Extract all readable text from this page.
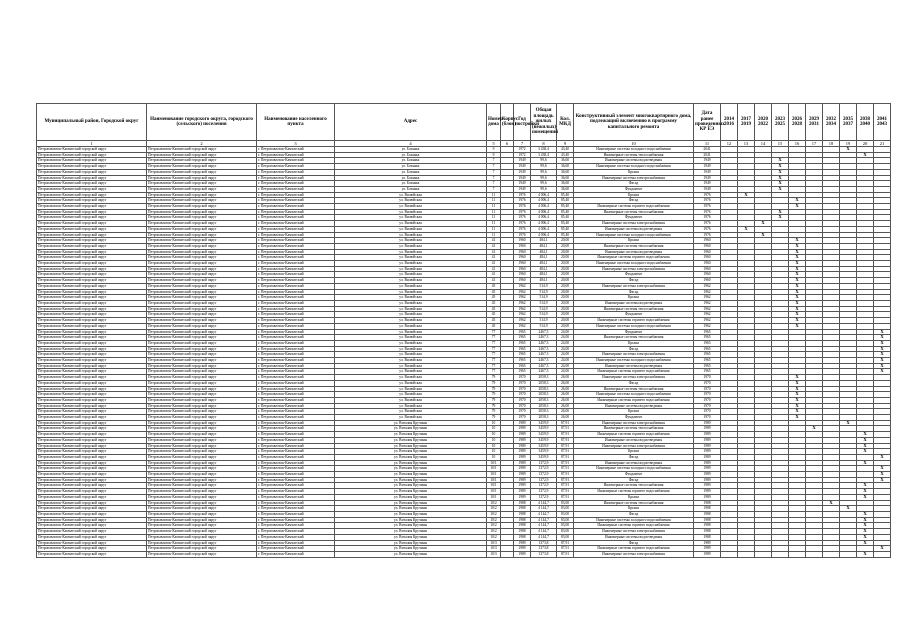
Муниципальный район, Городской округ	Наименование городского округа, городского (сельского) поселения	Наименование населенного пункта	Адрес	Номер дома	Корпус (блок)	Год постройки	Общая площадь жилых (нежилых) помещений	Кол. МКД	Конструктивный элемент многоквартирного дома, подлежащий включению в программу капитального ремонта	Дата ранее проведенных КР ЕЭ	2014 2016	2017 2019	2020 2022	2023 2025	2026 2028	2029 2031	2032 2034	2035 2037	2038 2040	2041 2043
1	2	3	4	5	6	7	8	9	10	11	12	13	14	15	16	17	18	19	20	21
Петропавловск-Камчатский городской округ	Петропавловск-Камчатский городской округ	г. Петропавловск-Камчатский	ул. Бохняка	9		1972	3 438,4	43,40	Инженерные системы холодного водоснабжения	2041								X		
Петропавловск-Камчатский городской округ	Петропавловск-Камчатский городской округ	г. Петропавловск-Камчатский	ул. Бохняка	9		1972	3 438,4	43,40	Инженерные системы теплоснабжения	2041									X	
Петропавловск-Камчатский городской округ	Петропавловск-Камчатский городской округ	г. Петропавловск-Камчатский	ул. Бохняка	7		1949	99,6	36,60	Инженерные системы водоотведения	1949				X						
Петропавловск-Камчатский городской округ	Петропавловск-Камчатский городской округ	г. Петропавловск-Камчатский	ул. Бохняка	7		1949	99,6	36,60	Инженерные системы холодного водоснабжения	1949				X						
Петропавловск-Камчатский городской округ	Петропавловск-Камчатский городской округ	г. Петропавловск-Камчатский	ул. Бохняка	7		1949	99,6	36,60	Крыша	1949				X						
Петропавловск-Камчатский городской округ	Петропавловск-Камчатский городской округ	г. Петропавловск-Камчатский	ул. Бохняка	7		1949	99,6	36,60	Инженерные системы электроснабжения	1949				X						
Петропавловск-Камчатский городской округ	Петропавловск-Камчатский городской округ	г. Петропавловск-Камчатский	ул. Бохняка	7		1949	99,6	36,60	Фасад	1949				X						
Петропавловск-Камчатский городской округ	Петропавловск-Камчатский городской округ	г. Петропавловск-Камчатский	ул. Бохняка	7		1949	99,6	36,60	Фундамент	1949				X						
Петропавловск-Камчатский городской округ	Петропавловск-Камчатский городской округ	г. Петропавловск-Камчатский	ул. Вилюйская	11		1976	4 006,4	85,40	Крыша	1976		X								
Петропавловск-Камчатский городской округ	Петропавловск-Камчатский городской округ	г. Петропавловск-Камчатский	ул. Вилюйская	11		1976	4 006,4	85,40	Фасад	1976					X					
Петропавловск-Камчатский городской округ	Петропавловск-Камчатский городской округ	г. Петропавловск-Камчатский	ул. Вилюйская	11		1976	4 006,4	85,40	Инженерные системы горячего водоснабжения	1976					X					
Петропавловск-Камчатский городской округ	Петропавловск-Камчатский городской округ	г. Петропавловск-Камчатский	ул. Вилюйская	11		1976	4 006,4	85,40	Инженерные системы теплоснабжения	1976				X						
Петропавловск-Камчатский городской округ	Петропавловск-Камчатский городской округ	г. Петропавловск-Камчатский	ул. Вилюйская	11		1976	4 006,4	85,40	Фундамент	1976				X						
Петропавловск-Камчатский городской округ	Петропавловск-Камчатский городской округ	г. Петропавловск-Камчатский	ул. Вилюйская	11		1976	4 006,4	85,40	Инженерные системы электроснабжения	1976			X							
Петропавловск-Камчатский городской округ	Петропавловск-Камчатский городской округ	г. Петропавловск-Камчатский	ул. Вилюйская	11		1976	4 006,4	85,40	Инженерные системы водоотведения	1976		X								
Петропавловск-Камчатский городской округ	Петропавловск-Камчатский городской округ	г. Петропавловск-Камчатский	ул. Вилюйская	11		1976	4 006,4	85,40	Инженерные системы холодного водоснабжения	1976			X							
Петропавловск-Камчатский городской округ	Петропавловск-Камчатский городской округ	г. Петропавловск-Камчатский	ул. Вилюйская	41		1960	484,1	20,00	Крыша	1960					X					
Петропавловск-Камчатский городской округ	Петропавловск-Камчатский городской округ	г. Петропавловск-Камчатский	ул. Вилюйская	41		1960	484,1	20,00	Инженерные системы теплоснабжения	1960					X					
Петропавловск-Камчатский городской округ	Петропавловск-Камчатский городской округ	г. Петропавловск-Камчатский	ул. Вилюйская	41		1960	484,1	20,00	Инженерные системы водоотведения	1960					X					
Петропавловск-Камчатский городской округ	Петропавловск-Камчатский городской округ	г. Петропавловск-Камчатский	ул. Вилюйская	41		1960	484,1	20,00	Инженерные системы горячего водоснабжения	1960					X					
Петропавловск-Камчатский городской округ	Петропавловск-Камчатский городской округ	г. Петропавловск-Камчатский	ул. Вилюйская	41		1960	484,1	20,00	Инженерные системы холодного водоснабжения	1960					X					
Петропавловск-Камчатский городской округ	Петропавловск-Камчатский городской округ	г. Петропавловск-Камчатский	ул. Вилюйская	41		1960	484,1	20,00	Инженерные системы электроснабжения	1960					X					
Петропавловск-Камчатский городской округ	Петропавловск-Камчатский городской округ	г. Петропавловск-Камчатский	ул. Вилюйская	41		1960	484,1	20,00	Фундамент	1960					X					
Петропавловск-Камчатский городской округ	Петропавловск-Камчатский городской округ	г. Петропавловск-Камчатский	ул. Вилюйская	41		1960	484,1	20,00	Фасад	1960					X					
Петропавловск-Камчатский городской округ	Петропавловск-Камчатский городской округ	г. Петропавловск-Камчатский	ул. Вилюйская	45		1962	514,9	20,00	Инженерные системы электроснабжения	1962					X					
Петропавловск-Камчатский городской округ	Петропавловск-Камчатский городской округ	г. Петропавловск-Камчатский	ул. Вилюйская	45		1962	514,9	20,00	Фасад	1962					X					
Петропавловск-Камчатский городской округ	Петропавловск-Камчатский городской округ	г. Петропавловск-Камчатский	ул. Вилюйская	45		1962	514,9	20,00	Крыша	1962					X					
Петропавловск-Камчатский городской округ	Петропавловск-Камчатский городской округ	г. Петропавловск-Камчатский	ул. Вилюйская	45		1962	514,9	20,00	Инженерные системы водоотведения	1962					X					
Петропавловск-Камчатский городской округ	Петропавловск-Камчатский городской округ	г. Петропавловск-Камчатский	ул. Вилюйская	45		1962	514,9	20,00	Инженерные системы теплоснабжения	1962					X					
Петропавловск-Камчатский городской округ	Петропавловск-Камчатский городской округ	г. Петропавловск-Камчатский	ул. Вилюйская	45		1962	514,9	20,00	Фундамент	1962					X					
Петропавловск-Камчатский городской округ	Петропавловск-Камчатский городской округ	г. Петропавловск-Камчатский	ул. Вилюйская	45		1962	514,9	20,00	Инженерные системы горячего водоснабжения	1962					X					
Петропавловск-Камчатский городской округ	Петропавловск-Камчатский городской округ	г. Петропавловск-Камчатский	ул. Вилюйская	45		1962	514,9	20,00	Инженерные системы холодного водоснабжения	1962					X					
Петропавловск-Камчатский городской округ	Петропавловск-Камчатский городской округ	г. Петропавловск-Камчатский	ул. Вилюйская	77		1965	2467,3	24,00	Фундамент	1965										X
Петропавловск-Камчатский городской округ	Петропавловск-Камчатский городской округ	г. Петропавловск-Камчатский	ул. Вилюйская	77		1965	2467,3	24,00	Инженерные системы теплоснабжения	1965										X
Петропавловск-Камчатский городской округ	Петропавловск-Камчатский городской округ	г. Петропавловск-Камчатский	ул. Вилюйская	77		1965	2467,3	24,00	Крыша	1965										X
Петропавловск-Камчатский городской округ	Петропавловск-Камчатский городской округ	г. Петропавловск-Камчатский	ул. Вилюйская	77		1965	2467,3	24,00	Фасад	1965										X
Петропавловск-Камчатский городской округ	Петропавловск-Камчатский городской округ	г. Петропавловск-Камчатский	ул. Вилюйская	77		1965	2467,3	24,00	Инженерные системы электроснабжения	1965										X
Петропавловск-Камчатский городской округ	Петропавловск-Камчатский городской округ	г. Петропавловск-Камчатский	ул. Вилюйская	77		1965	2467,3	24,00	Инженерные системы холодного водоснабжения	1965										X
Петропавловск-Камчатский городской округ	Петропавловск-Камчатский городской округ	г. Петропавловск-Камчатский	ул. Вилюйская	77		1965	2467,3	24,00	Инженерные системы водоотведения	1965										X
Петропавловск-Камчатский городской округ	Петропавловск-Камчатский городской округ	г. Петропавловск-Камчатский	ул. Вилюйская	77		1965	2467,3	24,00	Инженерные системы горячего водоснабжения	1965										X
Петропавловск-Камчатский городской округ	Петропавловск-Камчатский городской округ	г. Петропавловск-Камчатский	ул. Вилюйская	79		1970	2058,3	26,00	Инженерные системы электроснабжения	1970					X					
Петропавловск-Камчатский городской округ	Петропавловск-Камчатский городской округ	г. Петропавловск-Камчатский	ул. Вилюйская	79		1970	2058,3	26,00	Фасад	1970					X					
Петропавловск-Камчатский городской округ	Петропавловск-Камчатский городской округ	г. Петропавловск-Камчатский	ул. Вилюйская	79		1970	2058,3	26,00	Инженерные системы теплоснабжения	1970					X					
Петропавловск-Камчатский городской округ	Петропавловск-Камчатский городской округ	г. Петропавловск-Камчатский	ул. Вилюйская	79		1970	2058,3	26,00	Инженерные системы холодного водоснабжения	1970					X					
Петропавловск-Камчатский городской округ	Петропавловск-Камчатский городской округ	г. Петропавловск-Камчатский	ул. Вилюйская	79		1970	2058,3	26,00	Инженерные системы горячего водоснабжения	1970					X					
Петропавловск-Камчатский городской округ	Петропавловск-Камчатский городской округ	г. Петропавловск-Камчатский	ул. Вилюйская	79		1970	2058,3	26,00	Инженерные системы водоотведения	1970					X					
Петропавловск-Камчатский городской округ	Петропавловск-Камчатский городской округ	г. Петропавловск-Камчатский	ул. Вилюйская	79		1970	2058,3	26,00	Крыша	1970					X					
Петропавловск-Камчатский городской округ	Петропавловск-Камчатский городской округ	г. Петропавловск-Камчатский	ул. Вилюйская	79		1970	2058,3	26,00	Фундамент	1970					X					
Петропавловск-Камчатский городской округ	Петропавловск-Камчатский городской округ	г. Петропавловск-Камчатский	ул. Виталия Кручины	10		1989	3459,9	87,91	Инженерные системы электроснабжения	1989								X		
Петропавловск-Камчатский городской округ	Петропавловск-Камчатский городской округ	г. Петропавловск-Камчатский	ул. Виталия Кручины	10		1989	3459,9	87,91	Инженерные системы теплоснабжения	1989						X				
Петропавловск-Камчатский городской округ	Петропавловск-Камчатский городской округ	г. Петропавловск-Камчатский	ул. Виталия Кручины	10		1989	3459,9	87,91	Инженерные системы горячего водоснабжения	1989									X	
Петропавловск-Камчатский городской округ	Петропавловск-Камчатский городской округ	г. Петропавловск-Камчатский	ул. Виталия Кручины	10		1989	3459,9	87,91	Инженерные системы водоотведения	1989									X	
Петропавловск-Камчатский городской округ	Петропавловск-Камчатский городской округ	г. Петропавловск-Камчатский	ул. Виталия Кручины	10		1989	3459,9	87,91	Инженерные системы электроснабжения	1989									X	
Петропавловск-Камчатский городской округ	Петропавловск-Камчатский городской округ	г. Петропавловск-Камчатский	ул. Виталия Кручины	10		1989	3459,9	87,91	Крыша	1989									X	
Петропавловск-Камчатский городской округ	Петропавловск-Камчатский городской округ	г. Петропавловск-Камчатский	ул. Виталия Кручины	10		1989	3459,9	87,91	Фасад	1989										X
Петропавловск-Камчатский городской округ	Петропавловск-Камчатский городской округ	г. Петропавловск-Камчатский	ул. Виталия Кручины	10/1		1989	1372,9	87,91	Инженерные системы водоотведения	1989									X	
Петропавловск-Камчатский городской округ	Петропавловск-Камчатский городской округ	г. Петропавловск-Камчатский	ул. Виталия Кручины	10/1		1989	1372,9	87,91	Инженерные системы холодного водоснабжения	1989										X
Петропавловск-Камчатский городской округ	Петропавловск-Камчатский городской округ	г. Петропавловск-Камчатский	ул. Виталия Кручины	10/1		1989	1372,9	87,91	Фундамент	1989										X
Петропавловск-Камчатский городской округ	Петропавловск-Камчатский городской округ	г. Петропавловск-Камчатский	ул. Виталия Кручины	10/1		1989	1372,9	87,91	Фасад	1989										X
Петропавловск-Камчатский городской округ	Петропавловск-Камчатский городской округ	г. Петропавловск-Камчатский	ул. Виталия Кручины	10/1		1989	1372,9	87,91	Инженерные системы теплоснабжения	1989									X	
Петропавловск-Камчатский городской округ	Петропавловск-Камчатский городской округ	г. Петропавловск-Камчатский	ул. Виталия Кручины	10/1		1989	1372,9	87,91	Инженерные системы горячего водоснабжения	1989									X	
Петропавловск-Камчатский городской округ	Петропавловск-Камчатский городской округ	г. Петропавловск-Камчатский	ул. Виталия Кручины	10/1		1989	1372,9	87,91	Крыша	1989									X	
Петропавловск-Камчатский городской округ	Петропавловск-Камчатский городской округ	г. Петропавловск-Камчатский	ул. Виталия Кручины	10/2		1988	4 144,7	83,00	Инженерные системы теплоснабжения	1988							X			
Петропавловск-Камчатский городской округ	Петропавловск-Камчатский городской округ	г. Петропавловск-Камчатский	ул. Виталия Кручины	10/2		1988	4 144,7	83,00	Крыша	1988								X		
Петропавловск-Камчатский городской округ	Петропавловск-Камчатский городской округ	г. Петропавловск-Камчатский	ул. Виталия Кручины	10/2		1988	4 144,7	83,00	Фасад	1988									X	
Петропавловск-Камчатский городской округ	Петропавловск-Камчатский городской округ	г. Петропавловск-Камчатский	ул. Виталия Кручины	10/2		1988	4 144,7	83,00	Инженерные системы холодного водоснабжения	1988									X	
Петропавловск-Камчатский городской округ	Петропавловск-Камчатский городской округ	г. Петропавловск-Камчатский	ул. Виталия Кручины	10/2		1988	4 144,7	83,00	Инженерные системы горячего водоснабжения	1988									X	
Петропавловск-Камчатский городской округ	Петропавловск-Камчатский городской округ	г. Петропавловск-Камчатский	ул. Виталия Кручины	10/2		1988	4 144,7	83,00	Инженерные системы электроснабжения	1988									X	
Петропавловск-Камчатский городской округ	Петропавловск-Камчатский городской округ	г. Петропавловск-Камчатский	ул. Виталия Кручины	10/2		1988	4 144,7	83,00	Инженерные системы водоотведения	1988									X	
Петропавловск-Камчатский городской округ	Петропавловск-Камчатский городской округ	г. Петропавловск-Камчатский	ул. Виталия Кручины	10/3		1989	1373,8	87,91	Фасад	1989									X	
Петропавловск-Камчатский городской округ	Петропавловск-Камчатский городской округ	г. Петропавловск-Камчатский	ул. Виталия Кручины	10/3		1989	1373,8	87,91	Инженерные системы горячего водоснабжения	1989										X
Петропавловск-Камчатский городской округ	Петропавловск-Камчатский городской округ	г. Петропавловск-Камчатский	ул. Виталия Кручины	10/3		1989	1373,8	87,91	Инженерные системы электроснабжения	1989									X	
